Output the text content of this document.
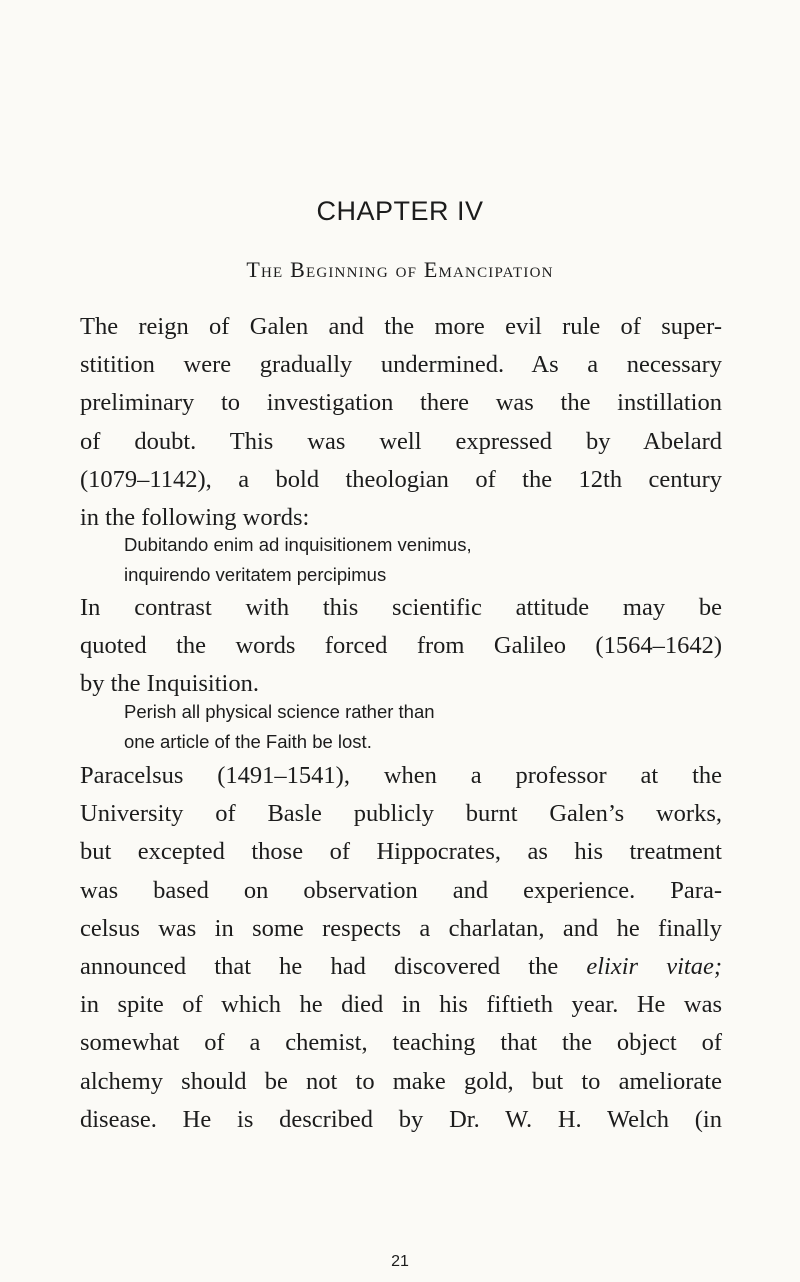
CHAPTER IV
The Beginning of Emancipation

The reign of Galen and the more evil rule of super-
stitition were gradually undermined. As a necessary
preliminary to investigation there was the instillation
of doubt. This was well expressed by Abelard
(1079–1142), a bold theologian of the 12th century
in the following words:

Dubitando enim ad inquisitionem venimus,
inquirendo veritatem percipimus

In contrast with this scientific attitude may be
quoted the words forced from Galileo (1564–1642)
by the Inquisition.

Perish all physical science rather than
one article of the Faith be lost.

Paracelsus (1491–1541), when a professor at the
University of Basle publicly burnt Galen’s works,
but excepted those of Hippocrates, as his treatment
was based on observation and experience. Para-
celsus was in some respects a charlatan, and he finally
announced that he had discovered the elixir vitae;
in spite of which he died in his fiftieth year. He was
somewhat of a chemist, teaching that the object of
alchemy should be not to make gold, but to ameliorate
disease. He is described by Dr. W. H. Welch (in

21
